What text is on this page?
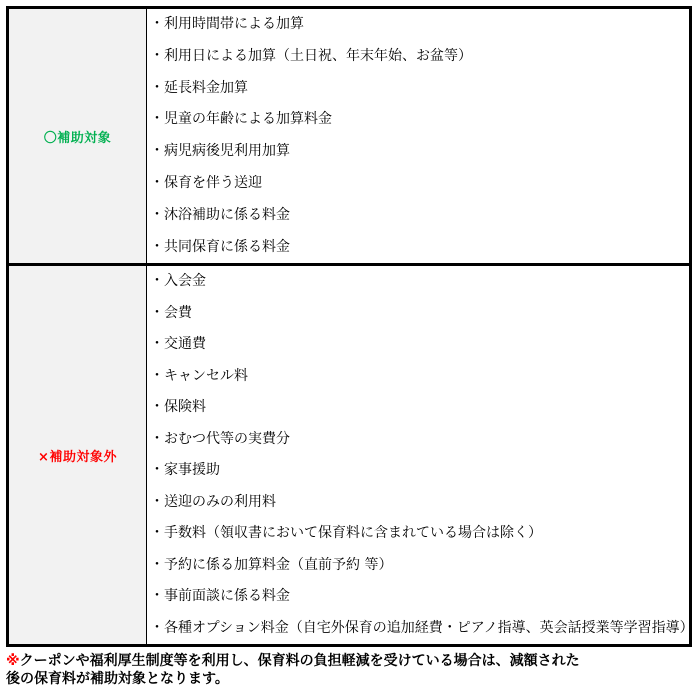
〇補助対象
・利用時間帯による加算
・利用日による加算（土日祝、年末年始、お盆等）
・延長料金加算
・児童の年齢による加算料金
・病児病後児利用加算
・保育を伴う送迎
・沐浴補助に係る料金
・共同保育に係る料金
×補助対象外
・入会金
・会費
・交通費
・キャンセル料
・保険料
・おむつ代等の実費分
・家事援助
・送迎のみの利用料
・手数料（領収書において保育料に含まれている場合は除く）
・予約に係る加算料金（直前予約 等）
・事前面談に係る料金
・各種オプション料金（自宅外保育の追加経費・ピアノ指導、英会話授業等学習指導）
※クーポンや福利厚生制度等を利用し、保育料の負担軽減を受けている場合は、減額された
後の保育料が補助対象となります。
